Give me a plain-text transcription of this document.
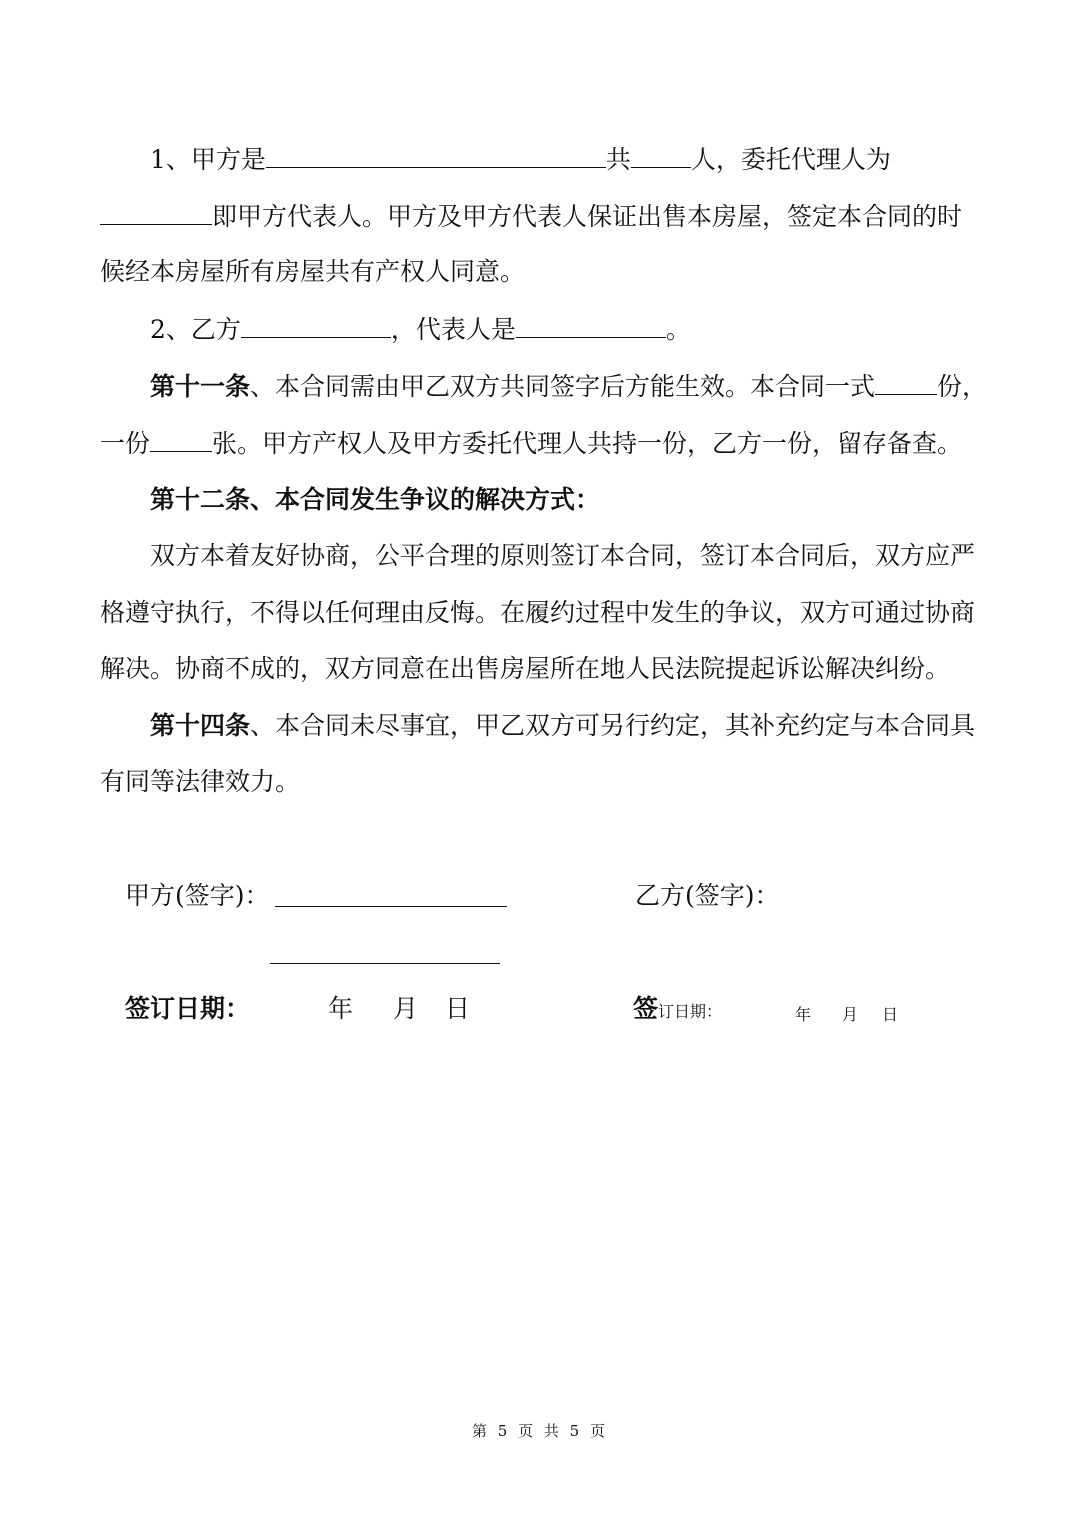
1、甲方是	共 人，委托代理人为
即甲方代表人。甲方及甲方代表人保证出售本房屋，签定本合同的时
候经本房屋所有房屋共有产权人同意。
2、乙方	，代表人是	。
第十一条、本合同需由甲乙双方共同签字后方能生效。本合同一式 份，
一份 张。甲方产权人及甲方委托代理人共持一份，乙方一份，留存备查。
第十二条、本合同发生争议的解决方式：
双方本着友好协商，公平合理的原则签订本合同，签订本合同后，双方应严
格遵守执行，不得以任何理由反悔。在履约过程中发生的争议，双方可通过协商
解决。协商不成的，双方同意在出售房屋所在地人民法院提起诉讼解决纠纷。
第十四条、本合同未尽事宜，甲乙双方可另行约定，其补充约定与本合同具
有同等法律效力。
甲方(签字)：	乙方(签字)：
签订日期：	年 月 日	签订日期：	年 月 日
第 5 页 共 5 页
